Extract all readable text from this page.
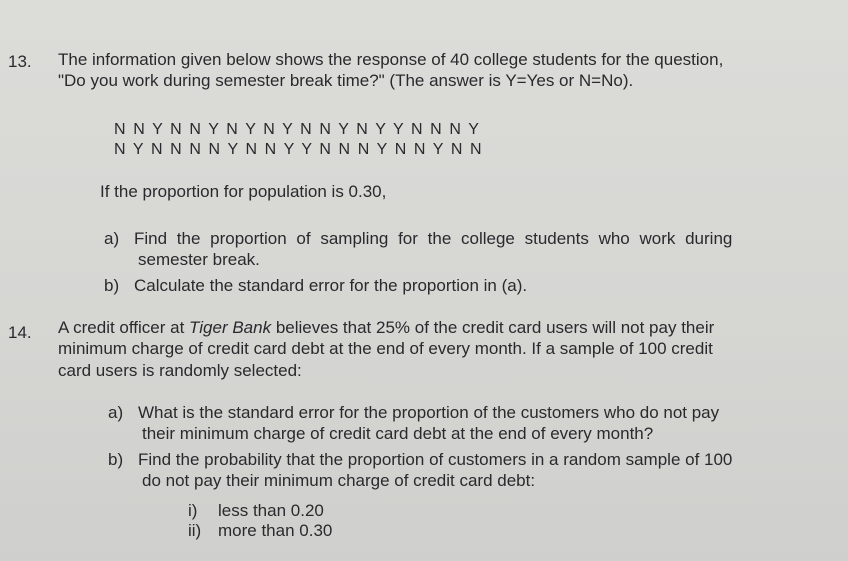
13. The information given below shows the response of 40 college students for the question,
"Do you work during semester break time?" (The answer is Y=Yes or N=No).
N N Y N N Y N Y N Y N N Y N Y Y N N N Y
N Y N N N N Y N N Y Y N N N Y N N Y N N
If the proportion for population is 0.30,
a) Find the proportion of sampling for the college students who work during
semester break.
b) Calculate the standard error for the proportion in (a).
14. A credit officer at Tiger Bank believes that 25% of the credit card users will not pay their
minimum charge of credit card debt at the end of every month. If a sample of 100 credit
card users is randomly selected:
a) What is the standard error for the proportion of the customers who do not pay
their minimum charge of credit card debt at the end of every month?
b) Find the probability that the proportion of customers in a random sample of 100
do not pay their minimum charge of credit card debt:
i) less than 0.20
ii) more than 0.30
